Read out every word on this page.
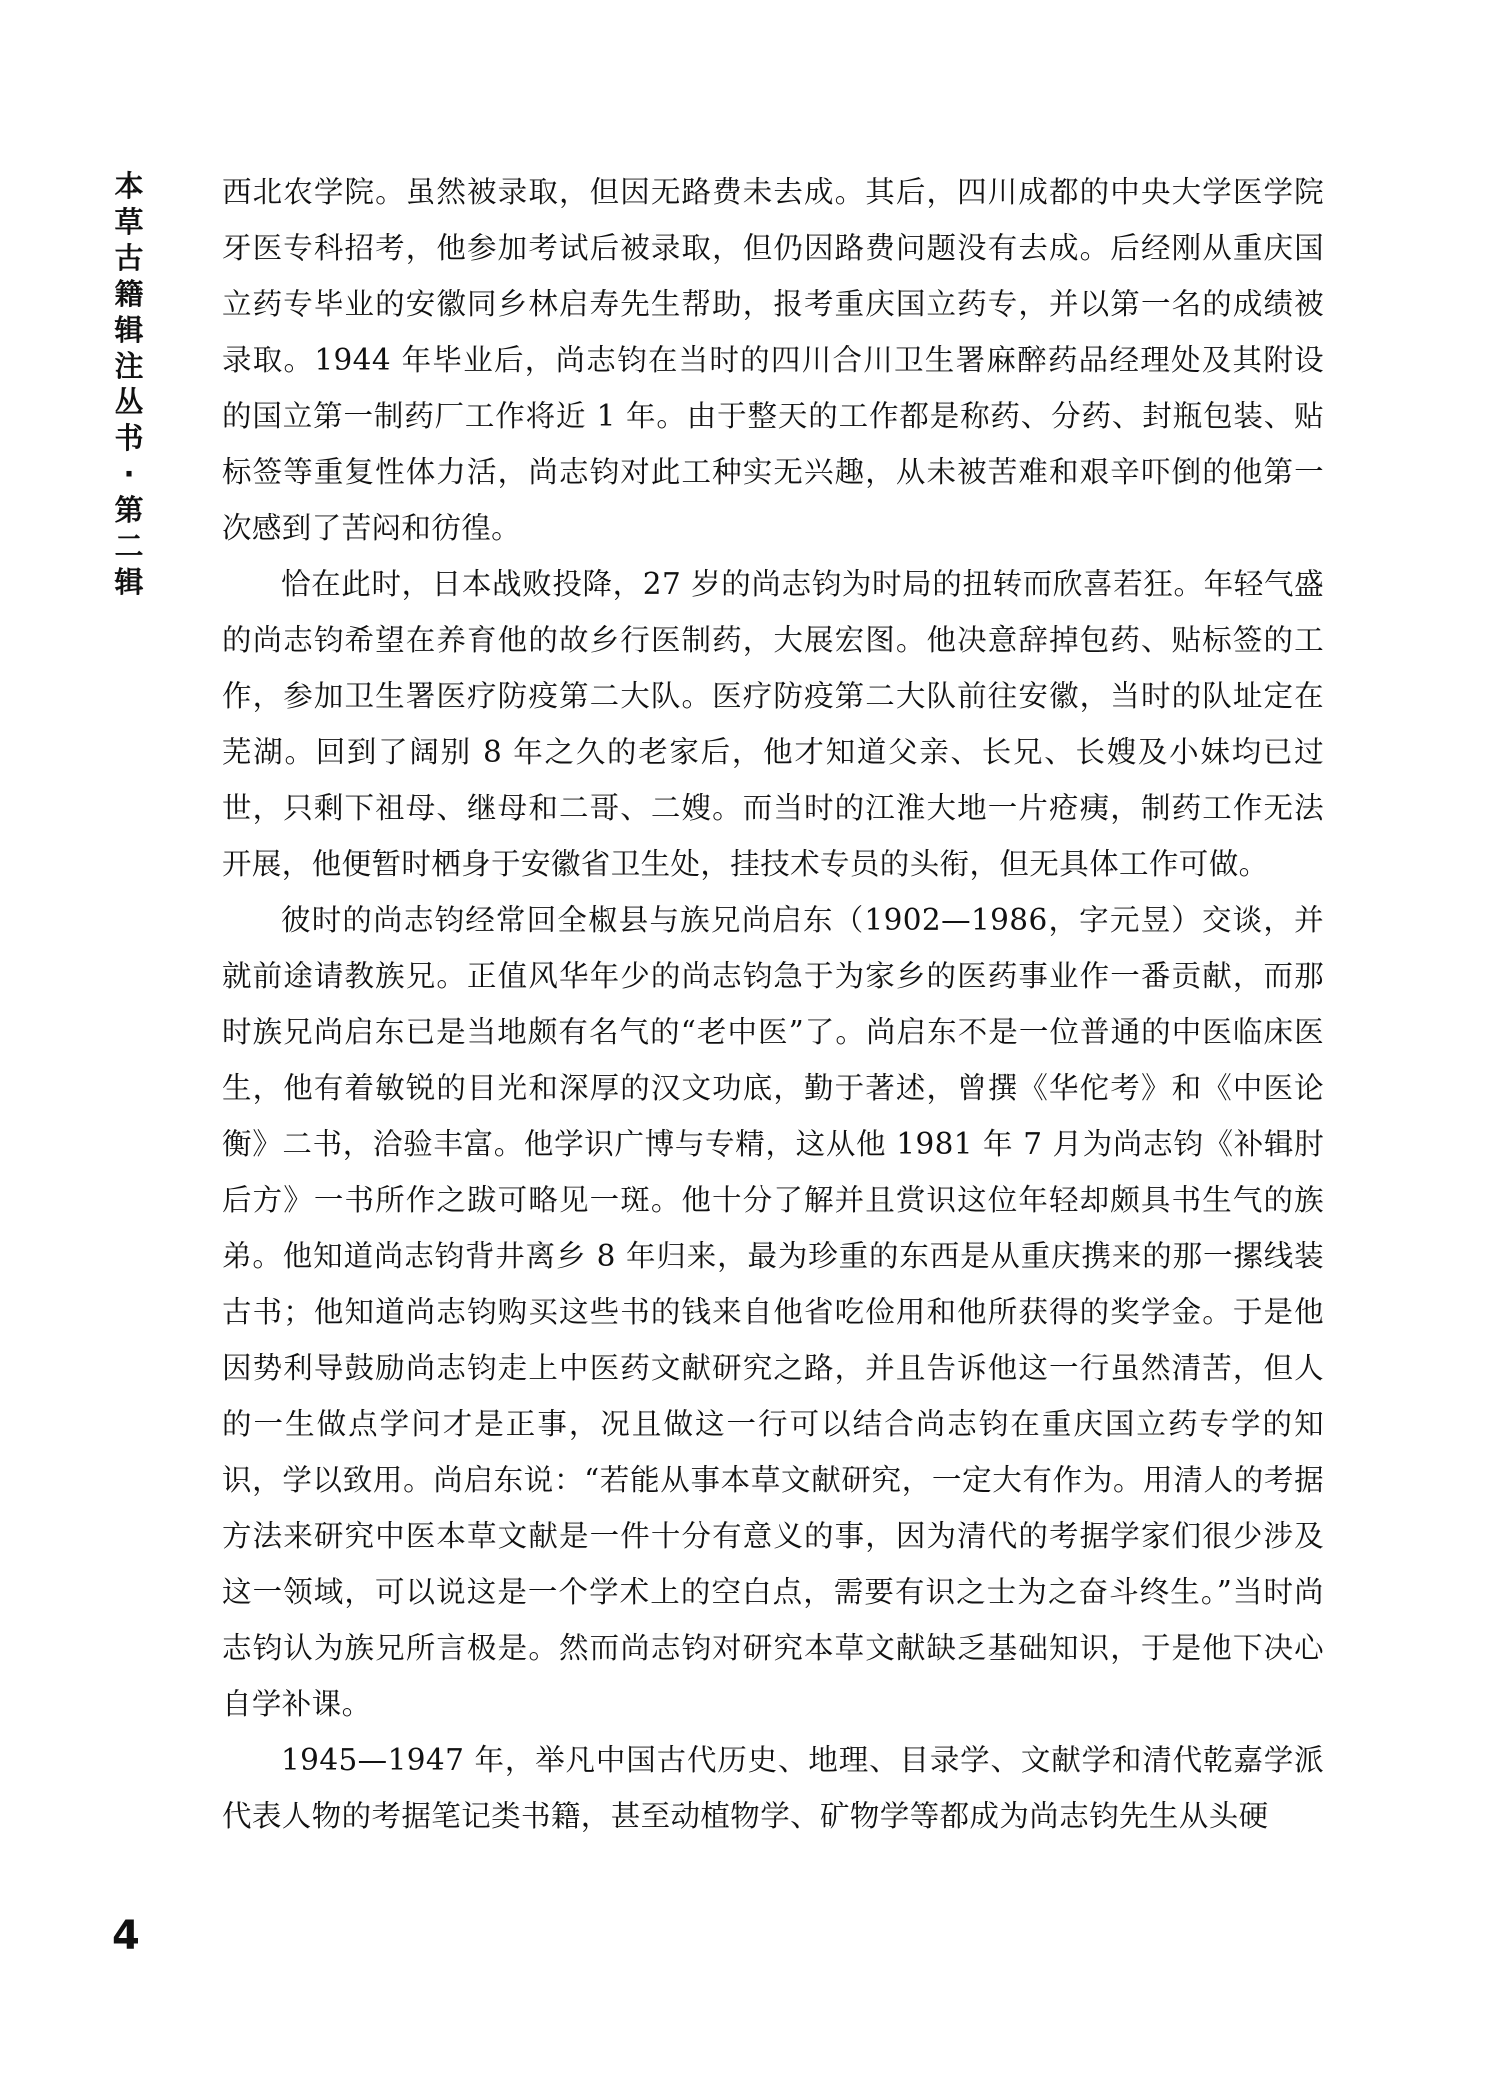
本草古籍辑注丛书·第二辑

西北农学院。虽然被录取，但因无路费未去成。其后，四川成都的中央大学医学院牙医专科招考，他参加考试后被录取，但仍因路费问题没有去成。后经刚从重庆国立药专毕业的安徽同乡林启寿先生帮助，报考重庆国立药专，并以第一名的成绩被录取。1944 年毕业后，尚志钧在当时的四川合川卫生署麻醉药品经理处及其附设的国立第一制药厂工作将近 1 年。由于整天的工作都是称药、分药、封瓶包装、贴标签等重复性体力活，尚志钧对此工种实无兴趣，从未被苦难和艰辛吓倒的他第一次感到了苦闷和彷徨。

恰在此时，日本战败投降，27 岁的尚志钧为时局的扭转而欣喜若狂。年轻气盛的尚志钧希望在养育他的故乡行医制药，大展宏图。他决意辞掉包药、贴标签的工作，参加卫生署医疗防疫第二大队。医疗防疫第二大队前往安徽，当时的队址定在芜湖。回到了阔别 8 年之久的老家后，他才知道父亲、长兄、长嫂及小妹均已过世，只剩下祖母、继母和二哥、二嫂。而当时的江淮大地一片疮痍，制药工作无法开展，他便暂时栖身于安徽省卫生处，挂技术专员的头衔，但无具体工作可做。

彼时的尚志钧经常回全椒县与族兄尚启东（1902—1986，字元昱）交谈，并就前途请教族兄。正值风华年少的尚志钧急于为家乡的医药事业作一番贡献，而那时族兄尚启东已是当地颇有名气的“老中医”了。尚启东不是一位普通的中医临床医生，他有着敏锐的目光和深厚的汉文功底，勤于著述，曾撰《华佗考》和《中医论衡》二书，洽验丰富。他学识广博与专精，这从他 1981 年 7 月为尚志钧《补辑肘后方》一书所作之跋可略见一斑。他十分了解并且赏识这位年轻却颇具书生气的族弟。他知道尚志钧背井离乡 8 年归来，最为珍重的东西是从重庆携来的那一摞线装古书；他知道尚志钧购买这些书的钱来自他省吃俭用和他所获得的奖学金。于是他因势利导鼓励尚志钧走上中医药文献研究之路，并且告诉他这一行虽然清苦，但人的一生做点学问才是正事，况且做这一行可以结合尚志钧在重庆国立药专学的知识，学以致用。尚启东说：“若能从事本草文献研究，一定大有作为。用清人的考据方法来研究中医本草文献是一件十分有意义的事，因为清代的考据学家们很少涉及这一领域，可以说这是一个学术上的空白点，需要有识之士为之奋斗终生。”当时尚志钧认为族兄所言极是。然而尚志钧对研究本草文献缺乏基础知识，于是他下决心自学补课。

1945—1947 年，举凡中国古代历史、地理、目录学、文献学和清代乾嘉学派代表人物的考据笔记类书籍，甚至动植物学、矿物学等都成为尚志钧先生从头硬

4
